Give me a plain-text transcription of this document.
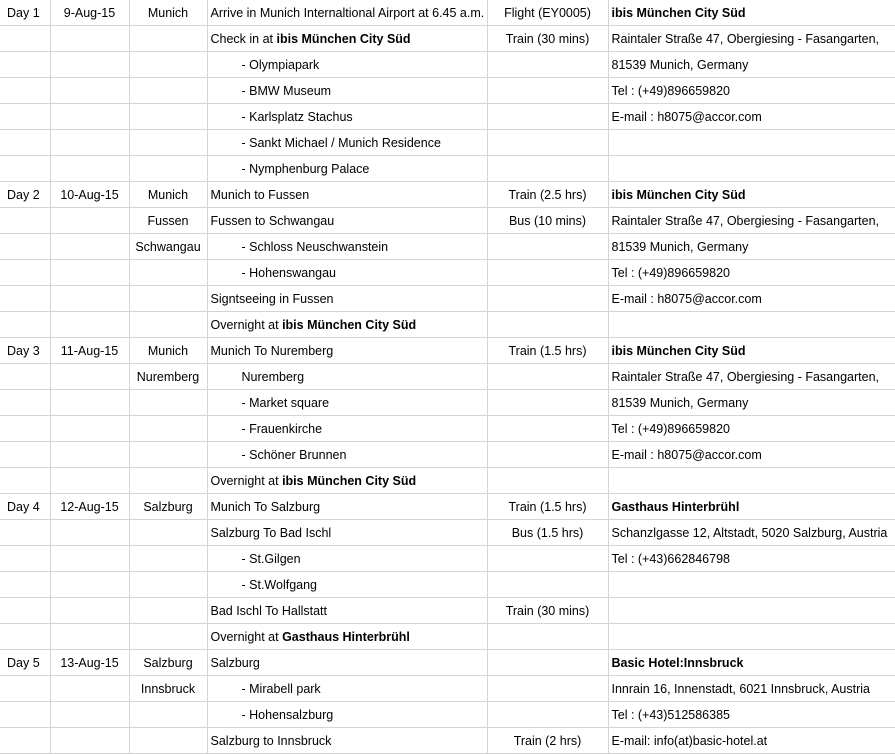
Day 1	9-Aug-15	Munich	Arrive in Munich Internaltional Airport at 6.45 a.m.	Flight (EY0005)	ibis München City Süd
			Check in at ibis München City Süd	Train (30 mins)	Raintaler Straße 47, Obergiesing - Fasangarten,
			- Olympiapark		81539 Munich, Germany
			- BMW Museum		Tel : (+49)896659820
			- Karlsplatz Stachus		E-mail : h8075@accor.com
			- Sankt Michael / Munich Residence		
			- Nymphenburg Palace		
Day 2	10-Aug-15	Munich	Munich to Fussen	Train (2.5 hrs)	ibis München City Süd
		Fussen	Fussen to Schwangau	Bus (10 mins)	Raintaler Straße 47, Obergiesing - Fasangarten,
		Schwangau	- Schloss Neuschwanstein		81539 Munich, Germany
			- Hohenswangau		Tel : (+49)896659820
			Signtseeing in Fussen		E-mail : h8075@accor.com
			Overnight at ibis München City Süd		
Day 3	11-Aug-15	Munich	Munich To Nuremberg	Train (1.5 hrs)	ibis München City Süd
		Nuremberg	Nuremberg		Raintaler Straße 47, Obergiesing - Fasangarten,
			- Market square		81539 Munich, Germany
			- Frauenkirche		Tel : (+49)896659820
			- Schöner Brunnen		E-mail : h8075@accor.com
			Overnight at ibis München City Süd		
Day 4	12-Aug-15	Salzburg	Munich To Salzburg	Train (1.5 hrs)	Gasthaus Hinterbrühl
			Salzburg To Bad Ischl	Bus (1.5 hrs)	Schanzlgasse 12, Altstadt, 5020 Salzburg, Austria
			- St.Gilgen		Tel : (+43)662846798
			- St.Wolfgang		
			Bad Ischl To Hallstatt	Train (30 mins)	
			Overnight at Gasthaus Hinterbrühl		
Day 5	13-Aug-15	Salzburg	Salzburg		Basic Hotel:Innsbruck
		Innsbruck	- Mirabell park		Innrain 16, Innenstadt, 6021 Innsbruck, Austria
			- Hohensalzburg		Tel : (+43)512586385
			Salzburg to Innsbruck	Train (2 hrs)	E-mail: info(at)basic-hotel.at
